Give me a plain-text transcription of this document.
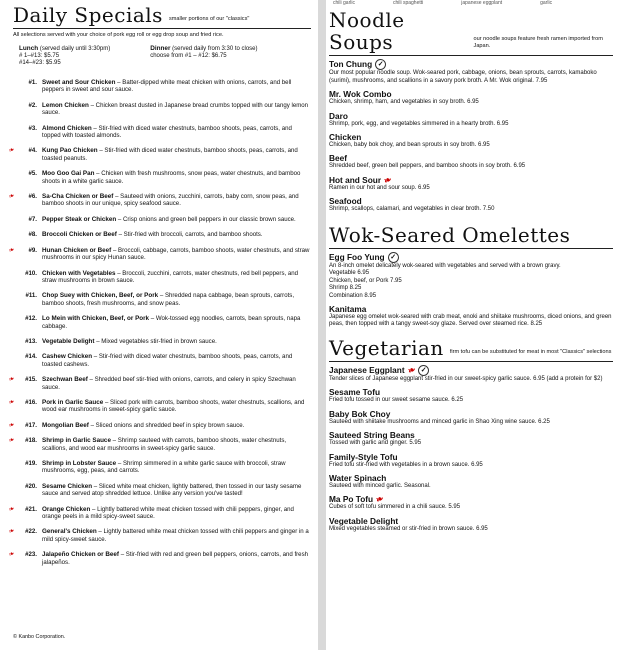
Daily Specials smaller portions of our "classics"
All selections served with your choice of pork egg roll or egg drop soup and fried rice.
Lunch (served daily until 3:30pm)
# 1–#13: $5.75
#14–#23: $5.95
Dinner (served daily from 3:30 to close)
choose from #1 – #12: $6.75
#1. Sweet and Sour Chicken – Batter-dipped white meat chicken with onions, carrots, and bell peppers in sweet and sour sauce.
#2. Lemon Chicken – Chicken breast dusted in Japanese bread crumbs topped with our tangy lemon sauce.
#3. Almond Chicken – Stir-fried with diced water chestnuts, bamboo shoots, peas, carrots, and topped with toasted almonds.
❧	#4. Kung Pao Chicken – Stir-fried with diced water chestnuts, bamboo shoots, peas, carrots, and toasted peanuts.
#5. Moo Goo Gai Pan – Chicken with fresh mushrooms, snow peas, water chestnuts, and bamboo shoots in a white garlic sauce.
❧	#6. Sa-Cha Chicken or Beef – Sauteed with onions, zucchini, carrots, baby corn, snow peas, and bamboo shoots in our unique, spicy seafood sauce.
#7. Pepper Steak or Chicken – Crisp onions and green bell peppers in our classic brown sauce.
#8. Broccoli Chicken or Beef – Stir-fried with broccoli, carrots, and bamboo shoots.
❧	#9. Hunan Chicken or Beef – Broccoli, cabbage, carrots, bamboo shoots, water chestnuts, and straw mushrooms in our spicy Hunan sauce.
#10. Chicken with Vegetables – Broccoli, zucchini, carrots, water chestnuts, red bell peppers, and straw mushrooms in brown sauce.
#11. Chop Suey with Chicken, Beef, or Pork – Shredded napa cabbage, bean sprouts, carrots, bamboo shoots, fresh mushrooms, and snow peas.
#12. Lo Mein with Chicken, Beef, or Pork – Wok-tossed egg noodles, carrots, bean sprouts, napa cabbage.
#13. Vegetable Delight – Mixed vegetables stir-fried in brown sauce.
#14. Cashew Chicken – Stir-fried with diced water chestnuts, bamboo shoots, peas, carrots, and toasted cashews.
❧	#15. Szechwan Beef – Shredded beef stir-fried with onions, carrots, and celery in spicy Szechwan sauce.
❧	#16. Pork in Garlic Sauce – Sliced pork with carrots, bamboo shoots, water chestnuts, scallions, and wood ear mushrooms in sweet-spicy garlic sauce.
❧	#17. Mongolian Beef – Sliced onions and shredded beef in spicy brown sauce.
❧	#18. Shrimp in Garlic Sauce – Shrimp sauteed with carrots, bamboo shoots, water chestnuts, scallions, and wood ear mushrooms in sweet-spicy garlic sauce.
#19. Shrimp in Lobster Sauce – Shrimp simmered in a white garlic sauce with broccoli, straw mushrooms, egg, peas, and carrots.
#20. Sesame Chicken – Sliced white meat chicken, lightly battered, then tossed in our tasty sesame sauce and served atop shredded lettuce. Unlike any version you've tasted!
❧	#21. Orange Chicken – Lightly battered white meat chicken tossed with chili peppers, ginger, and orange peels in a mild spicy-sweet sauce.
❧	#22. General's Chicken – Lightly battered white meat chicken tossed with chili peppers and ginger in a mild spicy-sweet sauce.
❧	#23. Jalapeño Chicken or Beef – Stir-fried with red and green bell peppers, onions, carrots, and fresh jalapeños.
© Kanbo Corporation.
chili garlic	chili spaghetti	japanese eggplant	garlic
Noodle Soups	our noodle soups feature fresh ramen imported from Japan.
Ton Chung ✓
Our most popular noodle soup. Wok-seared pork, cabbage, onions, bean sprouts, carrots, kamaboko (surimi), mushrooms, and scallions in a savory pork broth. A Mr. Wok original. 7.95
Mr. Wok Combo
Chicken, shrimp, ham, and vegetables in soy broth. 6.95
Daro
Shrimp, pork, egg, and vegetables simmered in a hearty broth. 6.95
Chicken
Chicken, baby bok choy, and bean sprouts in soy broth. 6.95
Beef
Shredded beef, green bell peppers, and bamboo shoots in soy broth. 6.95
Hot and Sour❧
Ramen in our hot and sour soup. 6.95
Seafood
Shrimp, scallops, calamari, and vegetables in clear broth. 7.50
Wok-Seared Omelettes
Egg Foo Yung ✓
An 8-inch omelet delicately wok-seared with vegetables and served with a brown gravy.
Vegetable 6.95
Chicken, beef, or Pork 7.95
Shrimp 8.25
Combination 8.95
Kanitama
Japanese egg omelet wok-seared with crab meat, enoki and shiitake mushrooms, diced onions, and green peas, then topped with a tangy sweet-soy glaze. Served over steamed rice. 8.25
Vegetarian firm tofu can be substituted for meat in most "Classics" selections
Japanese Eggplant❧ ✓
Tender slices of Japanese eggplant stir-fried in our sweet-spicy garlic sauce. 6.95 (add a protein for $2)
Sesame Tofu
Fried tofu tossed in our sweet sesame sauce. 6.25
Baby Bok Choy
Sauteed with shiitake mushrooms and minced garlic in Shao Xing wine sauce. 6.25
Sauteed String Beans
Tossed with garlic and ginger. 5.95
Family-Style Tofu
Fried tofu stir-fried with vegetables in a brown sauce. 6.95
Water Spinach
Sauteed with minced garlic. Seasonal.
Ma Po Tofu❧
Cubes of soft tofu simmered in a chili sauce. 5.95
Vegetable Delight
Mixed vegetables steamed or stir-fried in brown sauce. 6.95
